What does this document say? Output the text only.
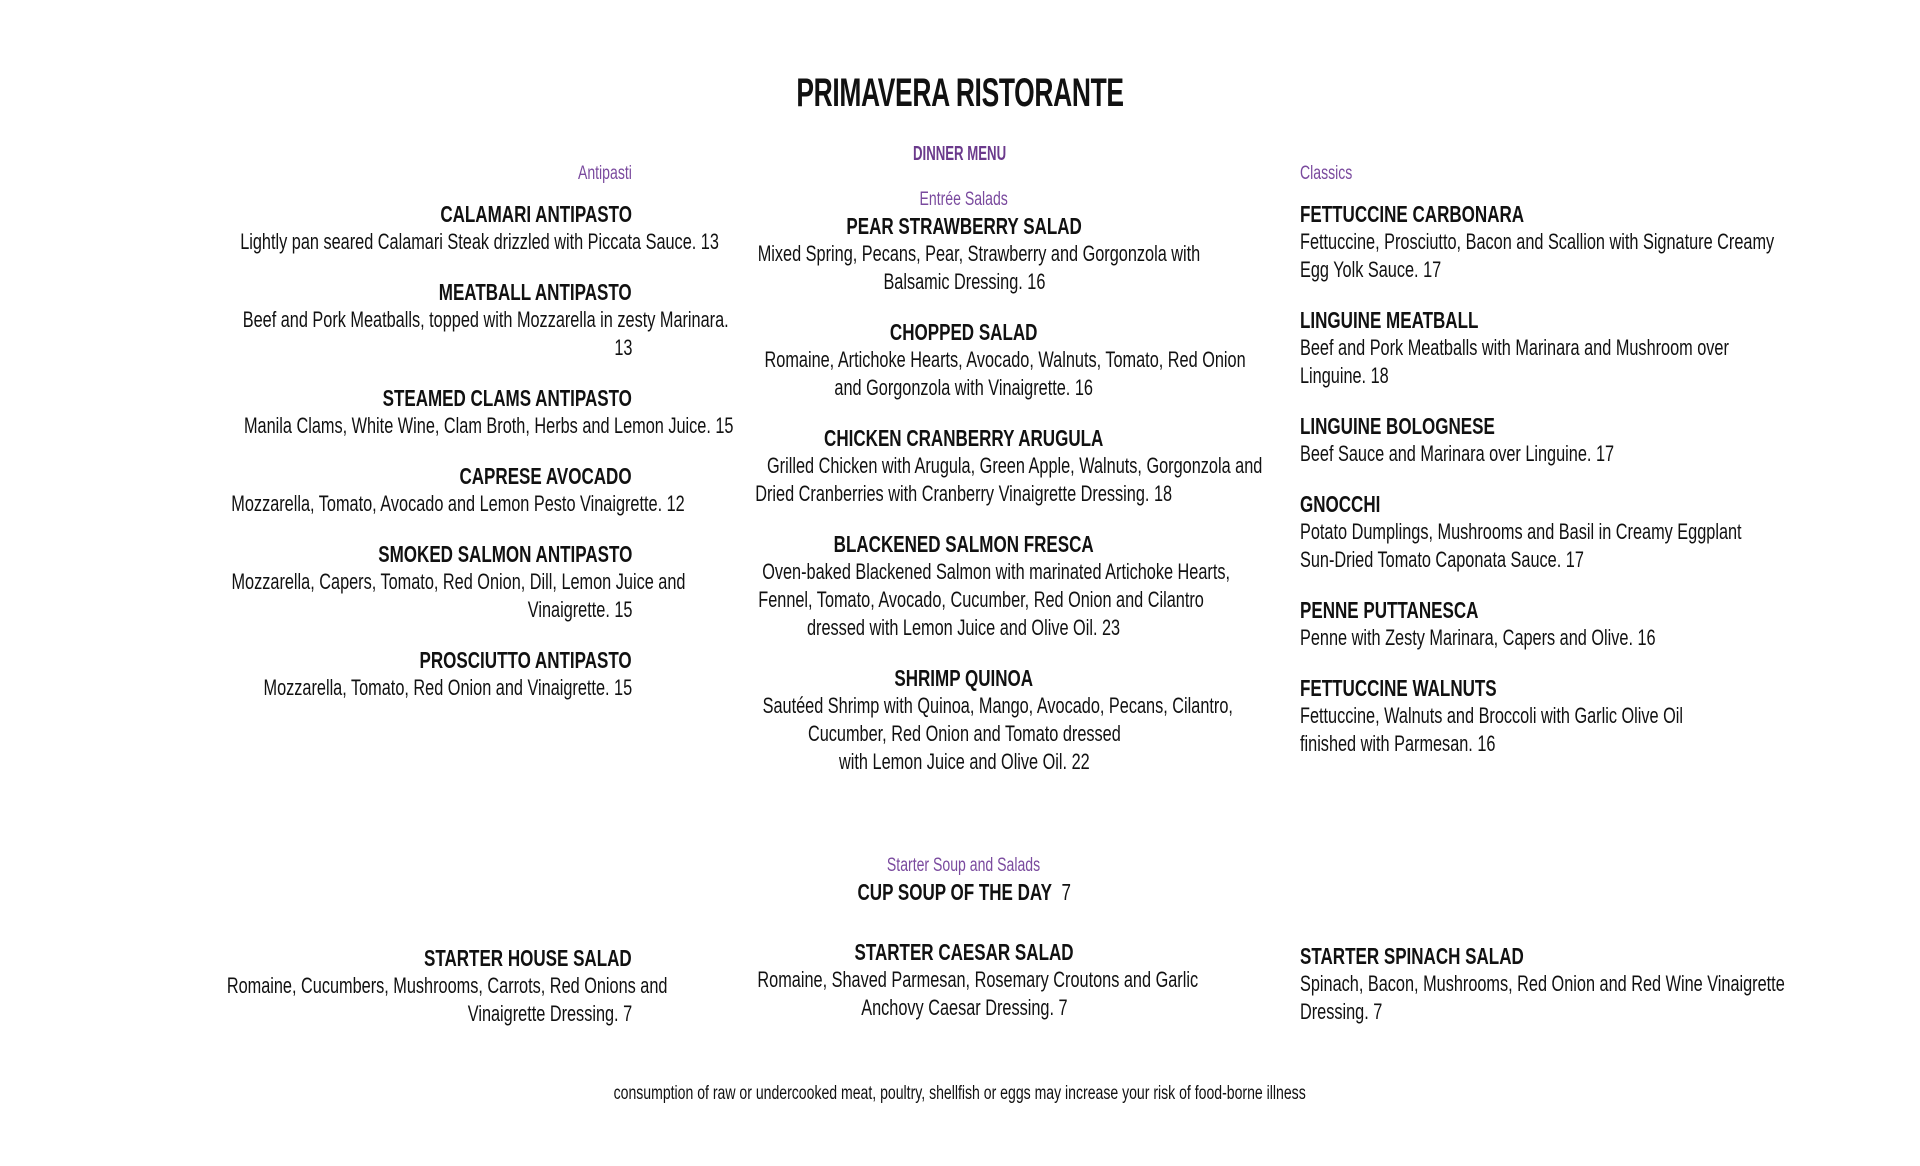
PRIMAVERA RISTORANTE
DINNER MENU
Antipasti
CALAMARI ANTIPASTO
Lightly pan seared Calamari Steak drizzled with Piccata Sauce. 13
MEATBALL ANTIPASTO
Beef and Pork Meatballs, topped with Mozzarella in zesty Marinara.
13
STEAMED CLAMS ANTIPASTO
Manila Clams, White Wine, Clam Broth, Herbs and Lemon Juice. 15
CAPRESE AVOCADO
Mozzarella, Tomato, Avocado and Lemon Pesto Vinaigrette. 12
SMOKED SALMON ANTIPASTO
Mozzarella, Capers, Tomato, Red Onion, Dill, Lemon Juice and
Vinaigrette. 15
PROSCIUTTO ANTIPASTO
Mozzarella, Tomato, Red Onion and Vinaigrette. 15
Entrée Salads
PEAR STRAWBERRY SALAD
Mixed Spring, Pecans, Pear, Strawberry and Gorgonzola with
Balsamic Dressing. 16
CHOPPED SALAD
Romaine, Artichoke Hearts, Avocado, Walnuts, Tomato, Red Onion
and Gorgonzola with Vinaigrette. 16
CHICKEN CRANBERRY ARUGULA
Grilled Chicken with Arugula, Green Apple, Walnuts, Gorgonzola and
Dried Cranberries with Cranberry Vinaigrette Dressing. 18
BLACKENED SALMON FRESCA
Oven-baked Blackened Salmon with marinated Artichoke Hearts,
Fennel, Tomato, Avocado, Cucumber, Red Onion and Cilantro
dressed with Lemon Juice and Olive Oil. 23
SHRIMP QUINOA
Sautéed Shrimp with Quinoa, Mango, Avocado, Pecans, Cilantro,
Cucumber, Red Onion and Tomato dressed
with Lemon Juice and Olive Oil. 22
Classics
FETTUCCINE CARBONARA
Fettuccine, Prosciutto, Bacon and Scallion with Signature Creamy
Egg Yolk Sauce. 17
LINGUINE MEATBALL
Beef and Pork Meatballs with Marinara and Mushroom over
Linguine. 18
LINGUINE BOLOGNESE
Beef Sauce and Marinara over Linguine. 17
GNOCCHI
Potato Dumplings, Mushrooms and Basil in Creamy Eggplant
Sun-Dried Tomato Caponata Sauce. 17
PENNE PUTTANESCA
Penne with Zesty Marinara, Capers and Olive. 16
FETTUCCINE WALNUTS
Fettuccine, Walnuts and Broccoli with Garlic Olive Oil
finished with Parmesan. 16
Starter Soup and Salads
CUP SOUP OF THE DAY 7
STARTER HOUSE SALAD
Romaine, Cucumbers, Mushrooms, Carrots, Red Onions and
Vinaigrette Dressing. 7
STARTER CAESAR SALAD
Romaine, Shaved Parmesan, Rosemary Croutons and Garlic
Anchovy Caesar Dressing. 7
STARTER SPINACH SALAD
Spinach, Bacon, Mushrooms, Red Onion and Red Wine Vinaigrette
Dressing. 7
consumption of raw or undercooked meat, poultry, shellfish or eggs may increase your risk of food-borne illness
